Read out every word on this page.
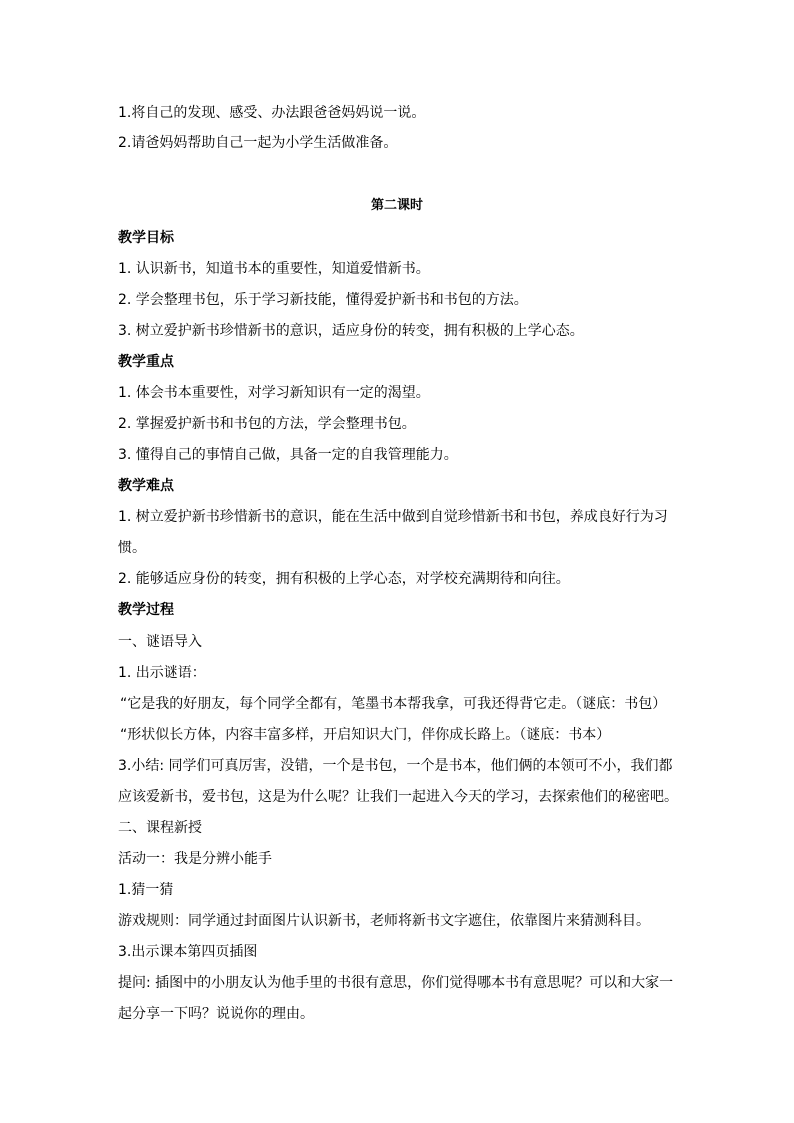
1.将自己的发现、感受、办法跟爸爸妈妈说一说。
2.请爸妈妈帮助自己一起为小学生活做准备。
第二课时
教学目标
1. 认识新书，知道书本的重要性，知道爱惜新书。
2. 学会整理书包，乐于学习新技能，懂得爱护新书和书包的方法。
3. 树立爱护新书珍惜新书的意识，适应身份的转变，拥有积极的上学心态。
教学重点
1. 体会书本重要性，对学习新知识有一定的渴望。
2. 掌握爱护新书和书包的方法，学会整理书包。
3. 懂得自己的事情自己做，具备一定的自我管理能力。
教学难点
1. 树立爱护新书珍惜新书的意识，能在生活中做到自觉珍惜新书和书包，养成良好行为习
惯。
2. 能够适应身份的转变，拥有积极的上学心态，对学校充满期待和向往。
教学过程
一、谜语导入
1. 出示谜语：
“它是我的好朋友，每个同学全都有，笔墨书本帮我拿，可我还得背它走。（谜底：书包）
“形状似长方体，内容丰富多样，开启知识大门，伴你成长路上。（谜底：书本）
3.小结: 同学们可真厉害，没错，一个是书包，一个是书本，他们俩的本领可不小，我们都
应该爱新书，爱书包，这是为什么呢？让我们一起进入今天的学习，去探索他们的秘密吧。
二、课程新授
活动一：我是分辨小能手
1.猜一猜
游戏规则：同学通过封面图片认识新书，老师将新书文字遮住，依靠图片来猜测科目。
3.出示课本第四页插图
提问: 插图中的小朋友认为他手里的书很有意思，你们觉得哪本书有意思呢？可以和大家一
起分享一下吗？说说你的理由。
